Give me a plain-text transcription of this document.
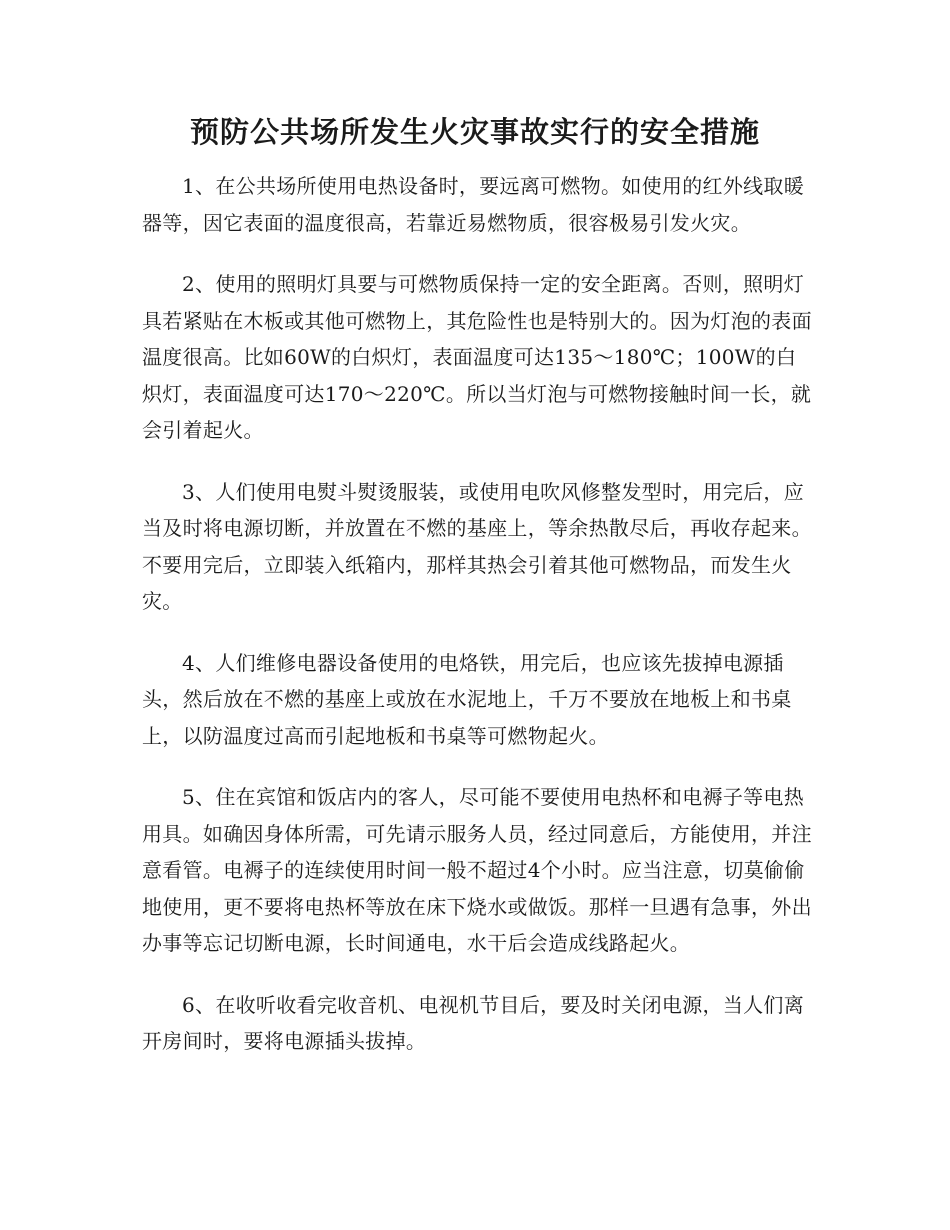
预防公共场所发生火灾事故实行的安全措施

1、在公共场所使用电热设备时，要远离可燃物。如使用的红外线取暖器等，因它表面的温度很高，若靠近易燃物质，很容极易引发火灾。

2、使用的照明灯具要与可燃物质保持一定的安全距离。否则，照明灯具若紧贴在木板或其他可燃物上，其危险性也是特别大的。因为灯泡的表面温度很高。比如60W的白炽灯，表面温度可达135～180℃；100W的白炽灯，表面温度可达170～220℃。所以当灯泡与可燃物接触时间一长，就会引着起火。

3、人们使用电熨斗熨烫服装，或使用电吹风修整发型时，用完后，应当及时将电源切断，并放置在不燃的基座上，等余热散尽后，再收存起来。不要用完后，立即装入纸箱内，那样其热会引着其他可燃物品，而发生火灾。

4、人们维修电器设备使用的电烙铁，用完后，也应该先拔掉电源插头，然后放在不燃的基座上或放在水泥地上，千万不要放在地板上和书桌上，以防温度过高而引起地板和书桌等可燃物起火。

5、住在宾馆和饭店内的客人，尽可能不要使用电热杯和电褥子等电热用具。如确因身体所需，可先请示服务人员，经过同意后，方能使用，并注意看管。电褥子的连续使用时间一般不超过4个小时。应当注意，切莫偷偷地使用，更不要将电热杯等放在床下烧水或做饭。那样一旦遇有急事，外出办事等忘记切断电源，长时间通电，水干后会造成线路起火。

6、在收听收看完收音机、电视机节目后，要及时关闭电源，当人们离开房间时，要将电源插头拔掉。
